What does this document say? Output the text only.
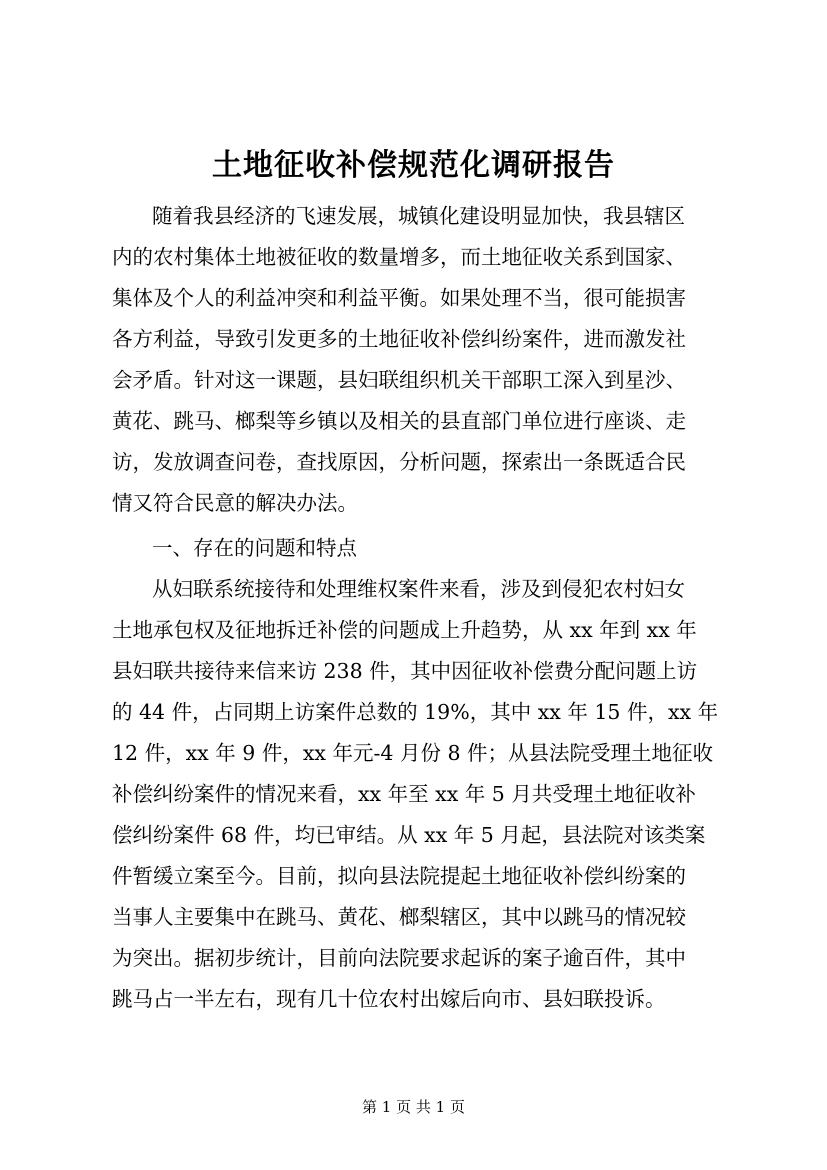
土地征收补偿规范化调研报告
随着我县经济的飞速发展，城镇化建设明显加快，我县辖区
内的农村集体土地被征收的数量增多，而土地征收关系到国家、
集体及个人的利益冲突和利益平衡。如果处理不当，很可能损害
各方利益，导致引发更多的土地征收补偿纠纷案件，进而激发社
会矛盾。针对这一课题，县妇联组织机关干部职工深入到星沙、
黄花、跳马、榔梨等乡镇以及相关的县直部门单位进行座谈、走
访，发放调查问卷，查找原因，分析问题，探索出一条既适合民
情又符合民意的解决办法。
一、存在的问题和特点
从妇联系统接待和处理维权案件来看，涉及到侵犯农村妇女
土地承包权及征地拆迁补偿的问题成上升趋势，从 xx 年到 xx 年
县妇联共接待来信来访 238 件，其中因征收补偿费分配问题上访
的 44 件，占同期上访案件总数的 19%，其中 xx 年 15 件，xx 年
12 件，xx 年 9 件，xx 年元-4 月份 8 件；从县法院受理土地征收
补偿纠纷案件的情况来看，xx 年至 xx 年 5 月共受理土地征收补
偿纠纷案件 68 件，均已审结。从 xx 年 5 月起，县法院对该类案
件暂缓立案至今。目前，拟向县法院提起土地征收补偿纠纷案的
当事人主要集中在跳马、黄花、榔梨辖区，其中以跳马的情况较
为突出。据初步统计，目前向法院要求起诉的案子逾百件，其中
跳马占一半左右，现有几十位农村出嫁后向市、县妇联投诉。
第 1 页 共 1 页
